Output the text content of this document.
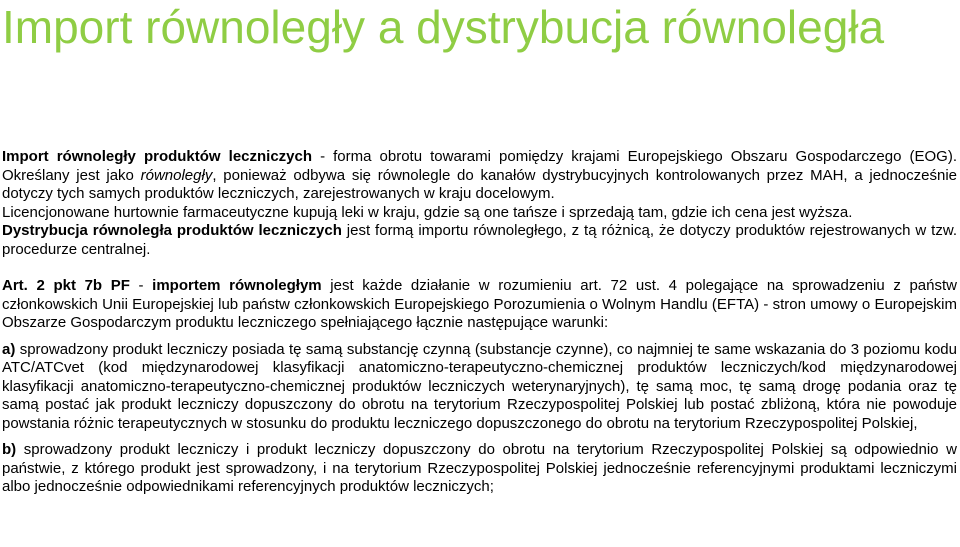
Import równoległy a dystrybucja równoległa

Import równoległy produktów leczniczych - forma obrotu towarami pomiędzy krajami Europejskiego Obszaru Gospodarczego (EOG). Określany jest jako równoległy, ponieważ odbywa się równolegle do kanałów dystrybucyjnych kontrolowanych przez MAH, a jednocześnie dotyczy tych samych produktów leczniczych, zarejestrowanych w kraju docelowym.

Licencjonowane hurtownie farmaceutyczne kupują leki w kraju, gdzie są one tańsze i sprzedają tam, gdzie ich cena jest wyższa.

Dystrybucja równoległa produktów leczniczych jest formą importu równoległego, z tą różnicą, że dotyczy produktów rejestrowanych w tzw. procedurze centralnej.

Art. 2 pkt 7b PF - importem równoległym jest każde działanie w rozumieniu art. 72 ust. 4 polegające na sprowadzeniu z państw członkowskich Unii Europejskiej lub państw członkowskich Europejskiego Porozumienia o Wolnym Handlu (EFTA) - stron umowy o Europejskim Obszarze Gospodarczym produktu leczniczego spełniającego łącznie następujące warunki:

a) sprowadzony produkt leczniczy posiada tę samą substancję czynną (substancje czynne), co najmniej te same wskazania do 3 poziomu kodu ATC/ATCvet (kod międzynarodowej klasyfikacji anatomiczno-terapeutyczno-chemicznej produktów leczniczych/kod międzynarodowej klasyfikacji anatomiczno-terapeutyczno-chemicznej produktów leczniczych weterynaryjnych), tę samą moc, tę samą drogę podania oraz tę samą postać jak produkt leczniczy dopuszczony do obrotu na terytorium Rzeczypospolitej Polskiej lub postać zbliżoną, która nie powoduje powstania różnic terapeutycznych w stosunku do produktu leczniczego dopuszczonego do obrotu na terytorium Rzeczypospolitej Polskiej,

b) sprowadzony produkt leczniczy i produkt leczniczy dopuszczony do obrotu na terytorium Rzeczypospolitej Polskiej są odpowiednio w państwie, z którego produkt jest sprowadzony, i na terytorium Rzeczypospolitej Polskiej jednocześnie referencyjnymi produktami leczniczymi albo jednocześnie odpowiednikami referencyjnych produktów leczniczych;
